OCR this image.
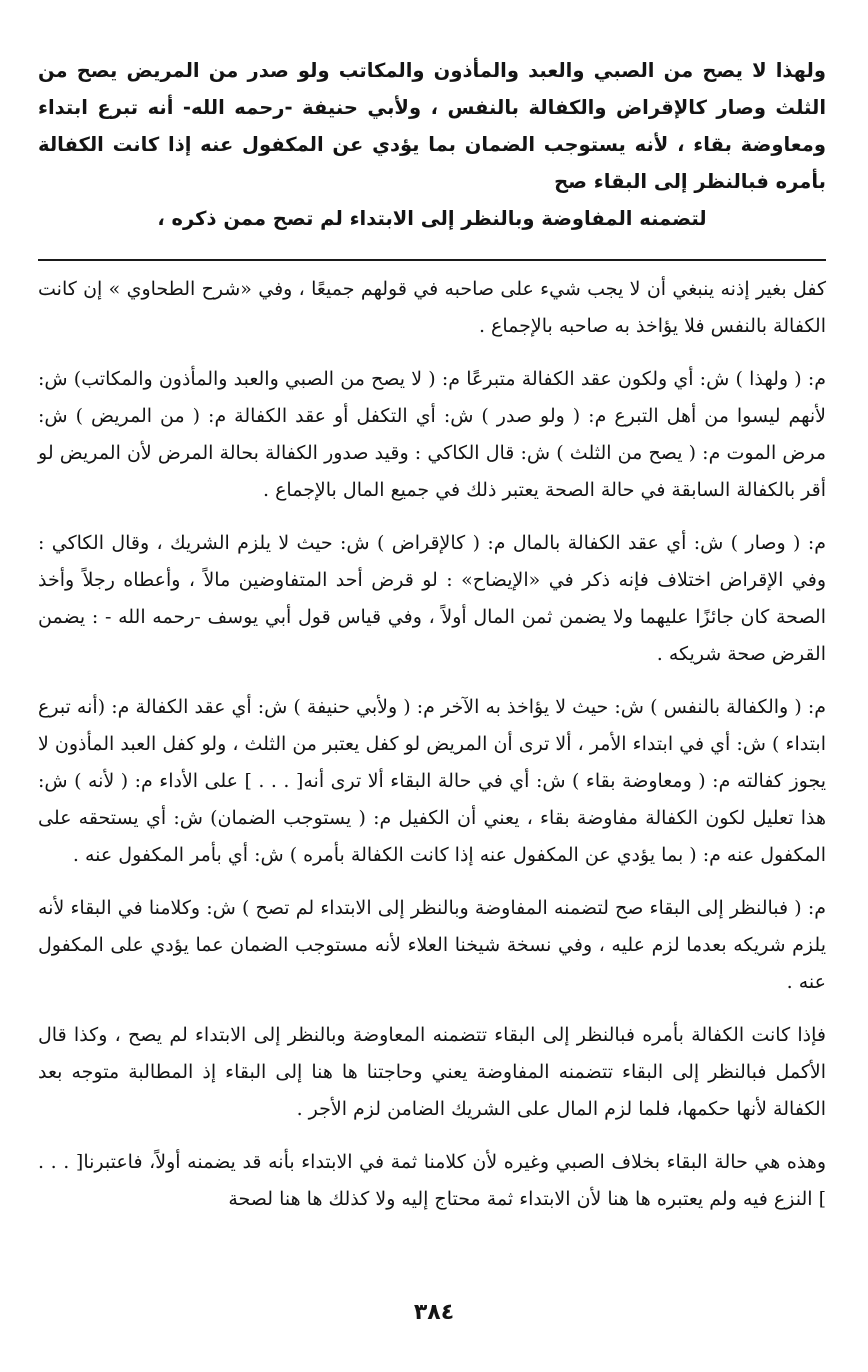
ولهذا لا يصح من الصبي والعبد والمأذون والمكاتب ولو صدر من المريض يصح من الثلث وصار كالإقراض والكفالة بالنفس ، ولأبي حنيفة -رحمه الله- أنه تبرع ابتداء ومعاوضة بقاء ، لأنه يستوجب الضمان بما يؤدي عن المكفول عنه إذا كانت الكفالة بأمره فبالنظر إلى البقاء صح
لتضمنه المفاوضة وبالنظر إلى الابتداء لم تصح ممن ذكره ،

كفل بغير إذنه ينبغي أن لا يجب شيء على صاحبه في قولهم جميعًا ، وفي «شرح الطحاوي » إن كانت الكفالة بالنفس فلا يؤاخذ به صاحبه بالإجماع .

م: ( ولهذا ) ش: أي ولكون عقد الكفالة متبرعًا م: ( لا يصح من الصبي والعبد والمأذون والمكاتب) ش: لأنهم ليسوا من أهل التبرع م: ( ولو صدر ) ش: أي التكفل أو عقد الكفالة م: ( من المريض ) ش: مرض الموت م: ( يصح من الثلث ) ش: قال الكاكي : وقيد صدور الكفالة بحالة المرض لأن المريض لو أقر بالكفالة السابقة في حالة الصحة يعتبر ذلك في جميع المال بالإجماع .

م: ( وصار ) ش: أي عقد الكفالة بالمال م: ( كالإقراض ) ش: حيث لا يلزم الشريك ، وقال الكاكي : وفي الإقراض اختلاف فإنه ذكر في «الإيضاح» : لو قرض أحد المتفاوضين مالاً ، وأعطاه رجلاً وأخذ الصحة كان جائزًا عليهما ولا يضمن ثمن المال أولاً ، وفي قياس قول أبي يوسف -رحمه الله - : يضمن القرض صحة شريكه .

م: ( والكفالة بالنفس ) ش: حيث لا يؤاخذ به الآخر م: ( ولأبي حنيفة ) ش: أي عقد الكفالة م: (أنه تبرع ابتداء ) ش: أي في ابتداء الأمر ، ألا ترى أن المريض لو كفل يعتبر من الثلث ، ولو كفل العبد المأذون لا يجوز كفالته م: ( ومعاوضة بقاء ) ش: أي في حالة البقاء ألا ترى أنه[ . . . ] على الأداء م: ( لأنه ) ش: هذا تعليل لكون الكفالة مفاوضة بقاء ، يعني أن الكفيل م: ( يستوجب الضمان) ش: أي يستحقه على المكفول عنه م: ( بما يؤدي عن المكفول عنه إذا كانت الكفالة بأمره ) ش: أي بأمر المكفول عنه .

م: ( فبالنظر إلى البقاء صح لتضمنه المفاوضة وبالنظر إلى الابتداء لم تصح ) ش: وكلامنا في البقاء لأنه يلزم شريكه بعدما لزم عليه ، وفي نسخة شيخنا العلاء لأنه مستوجب الضمان عما يؤدي على المكفول عنه .

فإذا كانت الكفالة بأمره فبالنظر إلى البقاء تتضمنه المعاوضة وبالنظر إلى الابتداء لم يصح ، وكذا قال الأكمل فبالنظر إلى البقاء تتضمنه المفاوضة يعني وحاجتنا ها هنا إلى البقاء إذ المطالبة متوجه بعد الكفالة لأنها حكمها، فلما لزم المال على الشريك الضامن لزم الأجر .

وهذه هي حالة البقاء بخلاف الصبي وغيره لأن كلامنا ثمة في الابتداء بأنه قد يضمنه أولاً، فاعتبرنا[ . . . ] النزع فيه ولم يعتبره ها هنا لأن الابتداء ثمة محتاج إليه ولا كذلك ها هنا لصحة

٣٨٤
